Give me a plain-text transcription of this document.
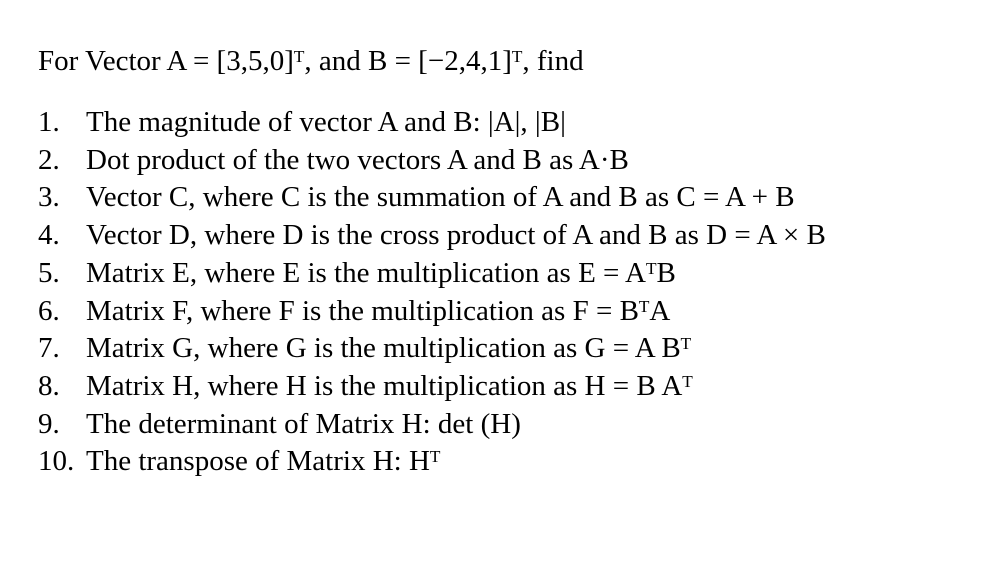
For Vector A = [3,5,0]ᵀ, and B = [−2,4,1]ᵀ, find
1. The magnitude of vector A and B: |A|, |B|
2. Dot product of the two vectors A and B as A·B
3. Vector C, where C is the summation of A and B as C = A + B
4. Vector D, where D is the cross product of A and B as D = A × B
5. Matrix E, where E is the multiplication as E = AᵀB
6. Matrix F, where F is the multiplication as F = BᵀA
7. Matrix G, where G is the multiplication as G = A Bᵀ
8. Matrix H, where H is the multiplication as H = B Aᵀ
9. The determinant of Matrix H: det (H)
10. The transpose of Matrix H: Hᵀ
